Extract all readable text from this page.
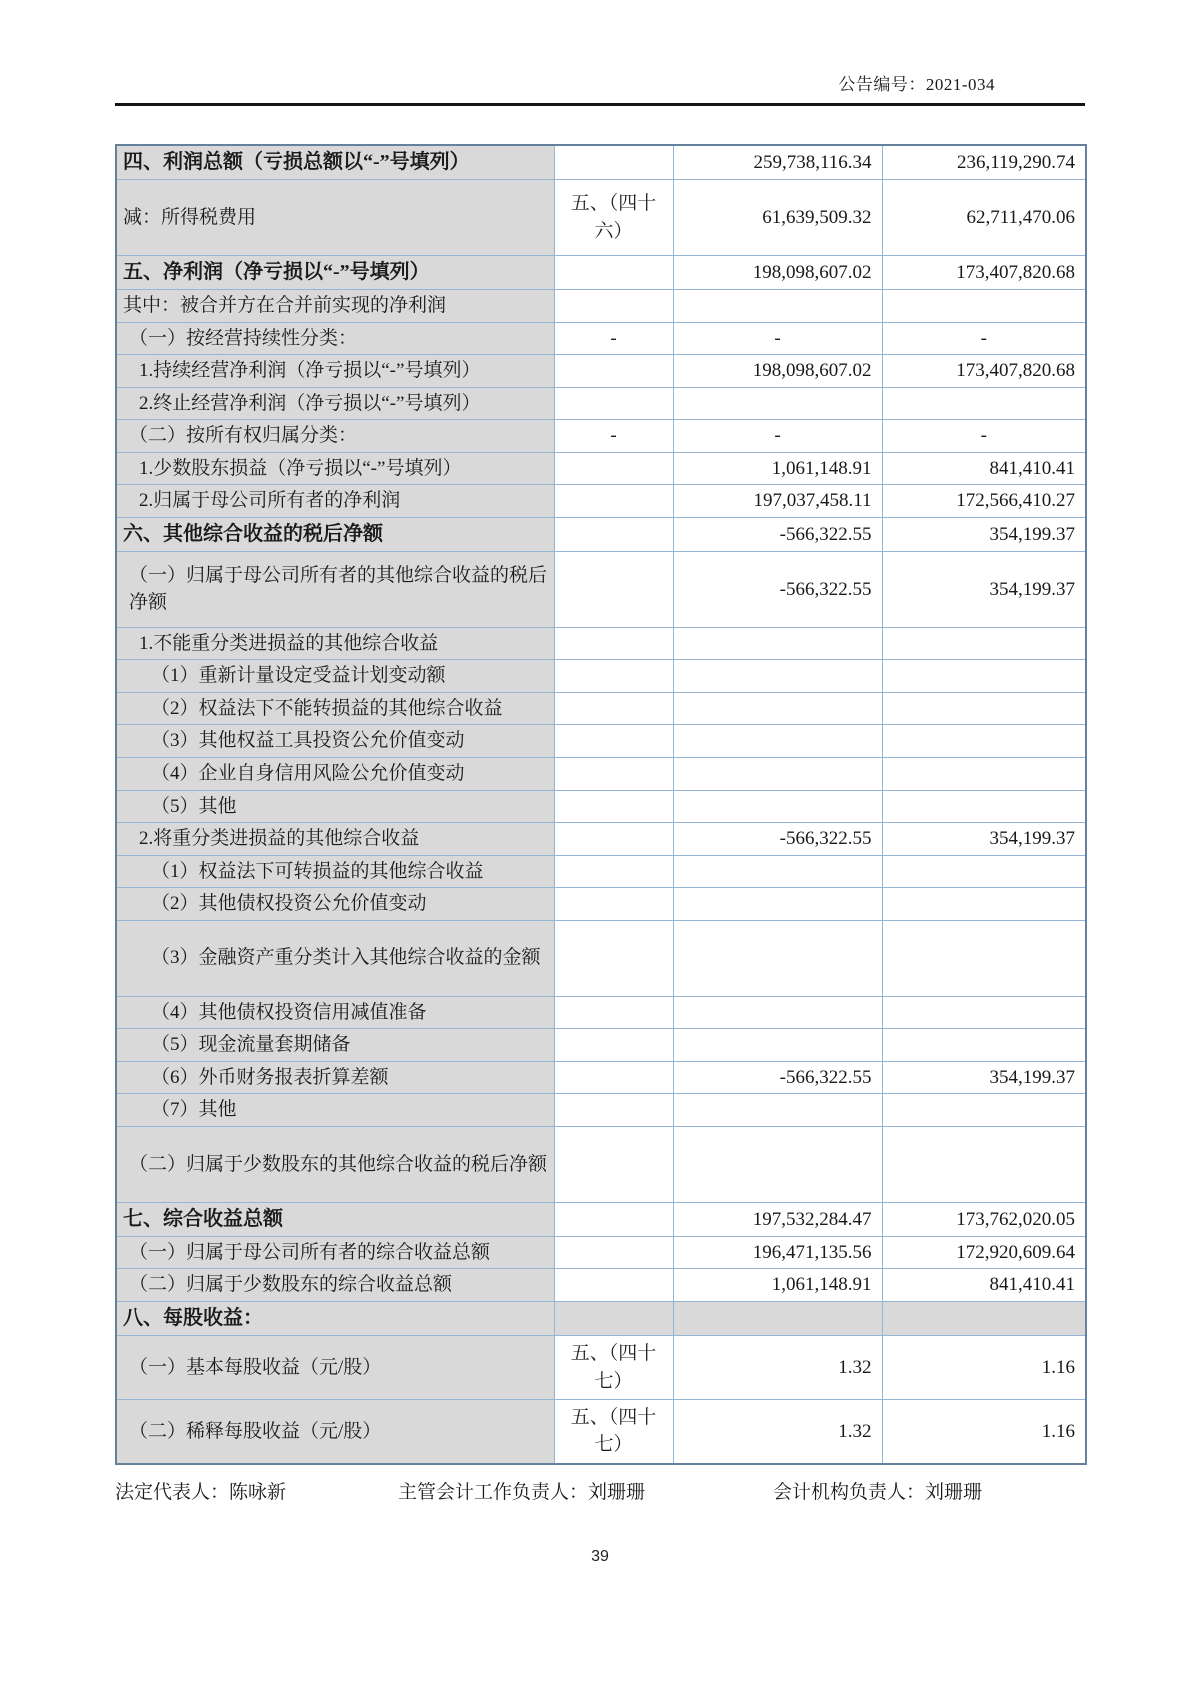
公告编号：2021-034
四、利润总额（亏损总额以“-”号填列）		259,738,116.34	236,119,290.74
减：所得税费用	五、（四十六）	61,639,509.32	62,711,470.06
五、净利润（净亏损以“-”号填列）		198,098,607.02	173,407,820.68
其中：被合并方在合并前实现的净利润			
（一）按经营持续性分类：	-	-	-
1.持续经营净利润（净亏损以“-”号填列）		198,098,607.02	173,407,820.68
2.终止经营净利润（净亏损以“-”号填列）			
（二）按所有权归属分类：	-	-	-
1.少数股东损益（净亏损以“-”号填列）		1,061,148.91	841,410.41
2.归属于母公司所有者的净利润		197,037,458.11	172,566,410.27
六、其他综合收益的税后净额		-566,322.55	354,199.37
（一）归属于母公司所有者的其他综合收益的税后净额		-566,322.55	354,199.37
1.不能重分类进损益的其他综合收益			
（1）重新计量设定受益计划变动额			
（2）权益法下不能转损益的其他综合收益			
（3）其他权益工具投资公允价值变动			
（4）企业自身信用风险公允价值变动			
（5）其他			
2.将重分类进损益的其他综合收益		-566,322.55	354,199.37
（1）权益法下可转损益的其他综合收益			
（2）其他债权投资公允价值变动			
（3）金融资产重分类计入其他综合收益的金额			
（4）其他债权投资信用减值准备			
（5）现金流量套期储备			
（6）外币财务报表折算差额		-566,322.55	354,199.37
（7）其他			
（二）归属于少数股东的其他综合收益的税后净额			
七、综合收益总额		197,532,284.47	173,762,020.05
（一）归属于母公司所有者的综合收益总额		196,471,135.56	172,920,609.64
（二）归属于少数股东的综合收益总额		1,061,148.91	841,410.41
八、每股收益：			
（一）基本每股收益（元/股）	五、（四十七）	1.32	1.16
（二）稀释每股收益（元/股）	五、（四十七）	1.32	1.16
法定代表人：陈咏新	主管会计工作负责人：刘珊珊	会计机构负责人：刘珊珊
39
